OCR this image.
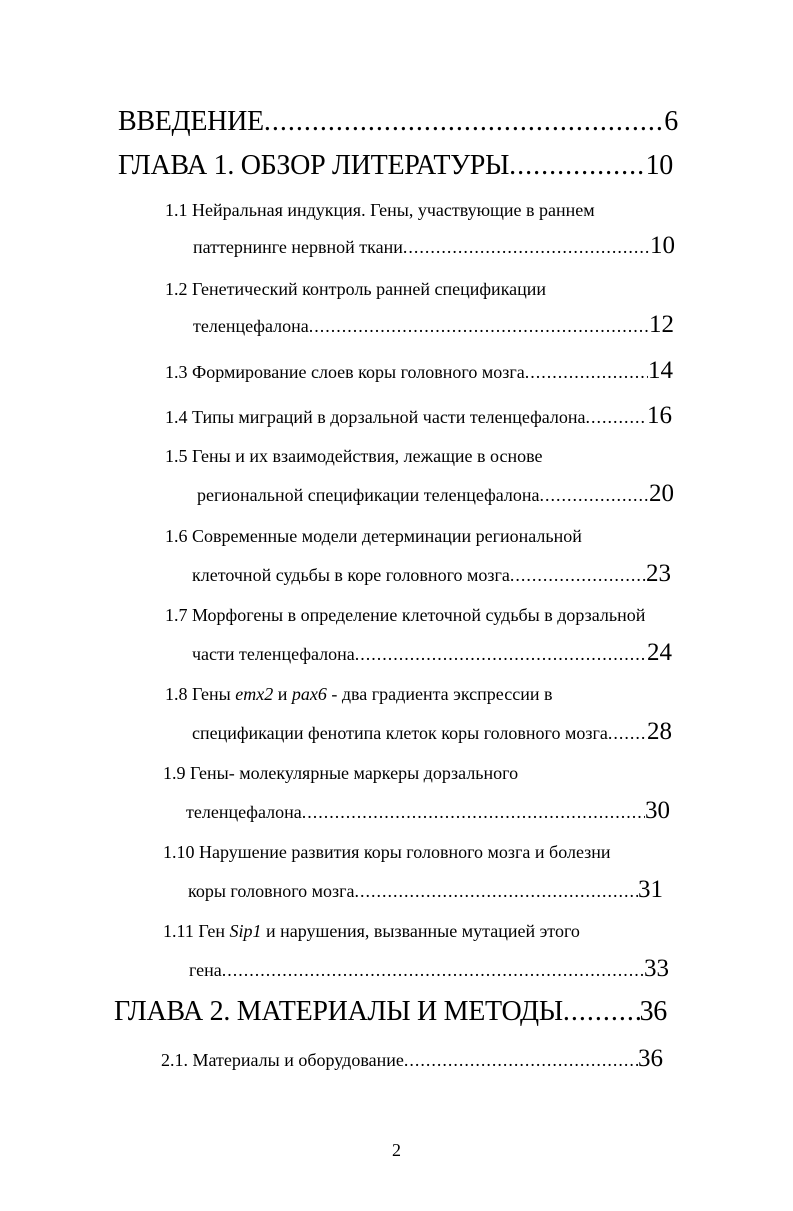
ВВЕДЕНИЕ .....	6
ГЛАВА 1. ОБЗОР ЛИТЕРАТУРЫ .....	10
1.1 Нейральная индукция. Гены, участвующие в раннем
паттернинге нервной ткани .....	10
1.2 Генетический контроль ранней спецификации
теленцефалона .....	12
1.3 Формирование слоев коры головного мозга .....	14
1.4 Типы миграций в дорзальной части теленцефалона ..... 16
1.5 Гены и их взаимодействия, лежащие в основе
региональной спецификации теленцефалона .....	20
1.6 Современные модели детерминации региональной
клеточной судьбы в коре головного мозга .....	23
1.7 Морфогены в определение клеточной судьбы в дорзальной
части теленцефалона .....	24
1.8 Гены emx2 и pax6 - два градиента экспрессии в
спецификации фенотипа клеток коры головного мозга ..... 28
1.9 Гены- молекулярные маркеры дорзального
теленцефалона .....	30
1.10 Нарушение развития коры головного мозга и болезни
коры головного мозга .....	31
1.11 Ген Sip1 и нарушения, вызванные мутацией этого
гена .....	33
ГЛАВА 2. МАТЕРИАЛЫ И МЕТОДЫ .....	36
2.1. Материалы и оборудование .....	36
2
